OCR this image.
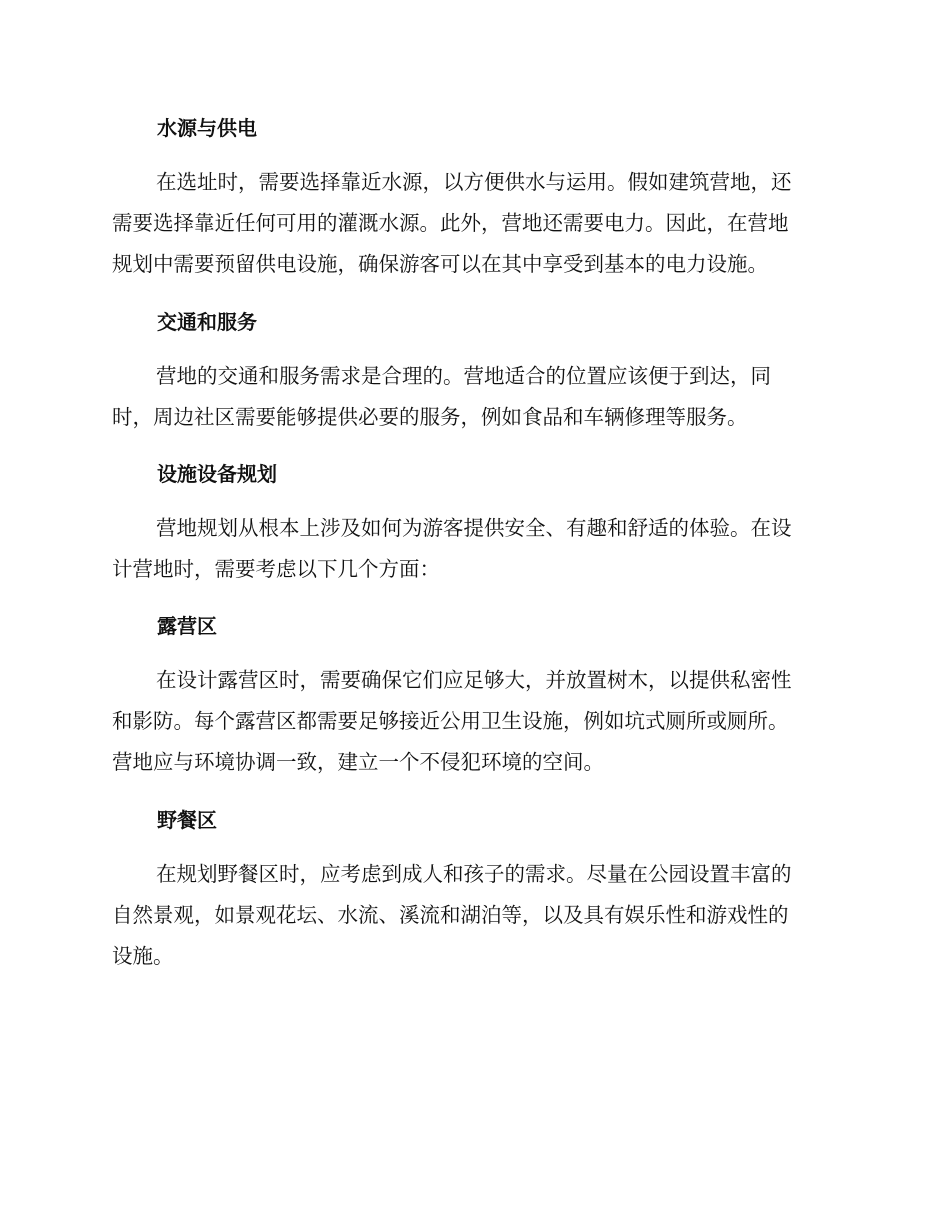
水源与供电
在选址时，需要选择靠近水源，以方便供水与运用。假如建筑营地，还
需要选择靠近任何可用的灌溉水源。此外，营地还需要电力。因此，在营地
规划中需要预留供电设施，确保游客可以在其中享受到基本的电力设施。
交通和服务
营地的交通和服务需求是合理的。营地适合的位置应该便于到达，同
时，周边社区需要能够提供必要的服务，例如食品和车辆修理等服务。
设施设备规划
营地规划从根本上涉及如何为游客提供安全、有趣和舒适的体验。在设
计营地时，需要考虑以下几个方面：
露营区
在设计露营区时，需要确保它们应足够大，并放置树木，以提供私密性
和影防。每个露营区都需要足够接近公用卫生设施，例如坑式厕所或厕所。
营地应与环境协调一致，建立一个不侵犯环境的空间。
野餐区
在规划野餐区时，应考虑到成人和孩子的需求。尽量在公园设置丰富的
自然景观，如景观花坛、水流、溪流和湖泊等，以及具有娱乐性和游戏性的
设施。
